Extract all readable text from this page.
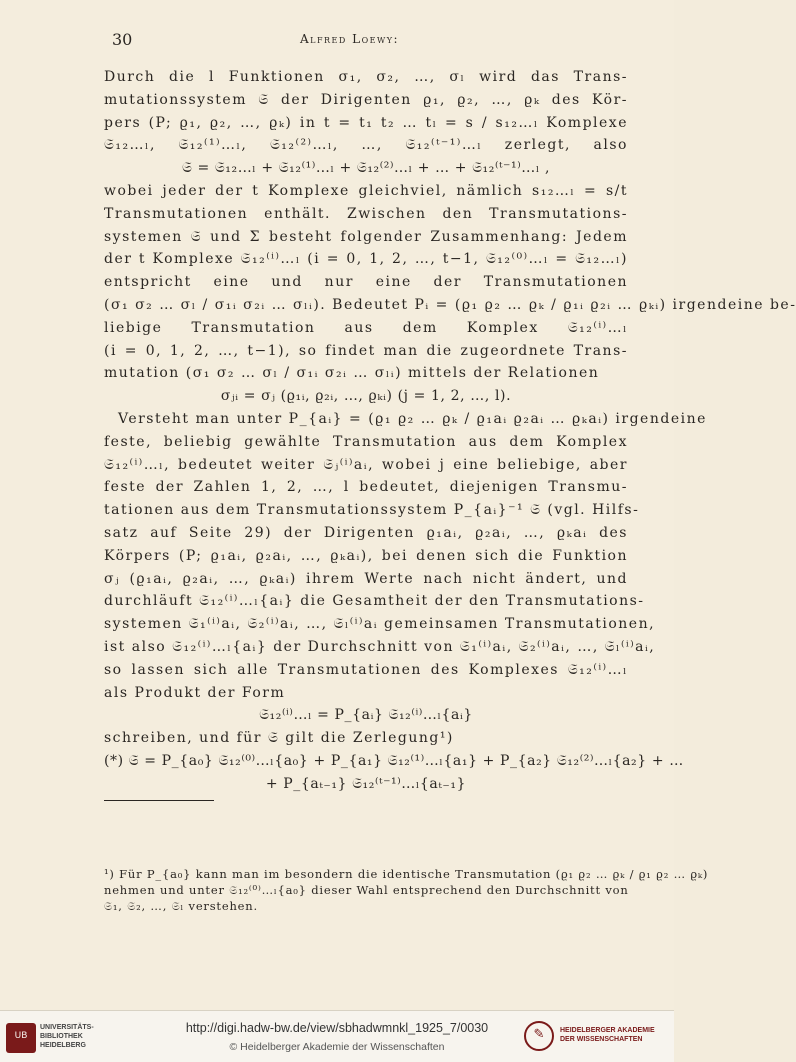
30	Alfred Loewy:
Durch die l Funktionen σ₁, σ₂, …, σₗ wird das Trans-
mutationssystem 𝔖 der Dirigenten ϱ₁, ϱ₂, …, ϱₖ des Kör-
pers (P; ϱ₁, ϱ₂, …, ϱₖ) in t = t₁ t₂ … tₗ = s / s₁₂…ₗ Komplexe
𝔖₁₂…ₗ, 𝔖₁₂⁽¹⁾…ₗ, 𝔖₁₂⁽²⁾…ₗ, …, 𝔖₁₂⁽ᵗ⁻¹⁾…ₗ zerlegt, also
𝔖 = 𝔖₁₂…ₗ + 𝔖₁₂⁽¹⁾…ₗ + 𝔖₁₂⁽²⁾…ₗ + … + 𝔖₁₂⁽ᵗ⁻¹⁾…ₗ ,
wobei jeder der t Komplexe gleichviel, nämlich s₁₂…ₗ = s/t
Transmutationen enthält. Zwischen den Transmutations-
systemen 𝔖 und Σ besteht folgender Zusammenhang: Jedem
der t Komplexe 𝔖₁₂⁽ⁱ⁾…ₗ (i = 0, 1, 2, …, t−1, 𝔖₁₂⁽⁰⁾…ₗ = 𝔖₁₂…ₗ)
entspricht eine und nur eine der Transmutationen
(σ₁ σ₂ … σₗ / σ₁ᵢ σ₂ᵢ … σₗᵢ). Bedeutet Pᵢ = (ϱ₁ ϱ₂ … ϱₖ / ϱ₁ᵢ ϱ₂ᵢ … ϱₖᵢ) irgendeine be-
liebige Transmutation aus dem Komplex 𝔖₁₂⁽ⁱ⁾…ₗ
(i = 0, 1, 2, …, t−1), so findet man die zugeordnete Trans-
mutation (σ₁ σ₂ … σₗ / σ₁ᵢ σ₂ᵢ … σₗᵢ) mittels der Relationen
σⱼᵢ = σⱼ (ϱ₁ᵢ, ϱ₂ᵢ, …, ϱₖᵢ) (j = 1, 2, …, l).
Versteht man unter P_{aᵢ} = (ϱ₁ ϱ₂ … ϱₖ / ϱ₁aᵢ ϱ₂aᵢ … ϱₖaᵢ) irgendeine
feste, beliebig gewählte Transmutation aus dem Komplex
𝔖₁₂⁽ⁱ⁾…ₗ, bedeutet weiter 𝔖ⱼ⁽ⁱ⁾aᵢ, wobei j eine beliebige, aber
feste der Zahlen 1, 2, …, l bedeutet, diejenigen Transmu-
tationen aus dem Transmutationssystem P_{aᵢ}⁻¹ 𝔖 (vgl. Hilfs-
satz auf Seite 29) der Dirigenten ϱ₁aᵢ, ϱ₂aᵢ, …, ϱₖaᵢ des
Körpers (P; ϱ₁aᵢ, ϱ₂aᵢ, …, ϱₖaᵢ), bei denen sich die Funktion
σⱼ (ϱ₁aᵢ, ϱ₂aᵢ, …, ϱₖaᵢ) ihrem Werte nach nicht ändert, und
durchläuft 𝔖₁₂⁽ⁱ⁾…ₗ{aᵢ} die Gesamtheit der den Transmutations-
systemen 𝔖₁⁽ⁱ⁾aᵢ, 𝔖₂⁽ⁱ⁾aᵢ, …, 𝔖ₗ⁽ⁱ⁾aᵢ gemeinsamen Transmutationen,
ist also 𝔖₁₂⁽ⁱ⁾…ₗ{aᵢ} der Durchschnitt von 𝔖₁⁽ⁱ⁾aᵢ, 𝔖₂⁽ⁱ⁾aᵢ, …, 𝔖ₗ⁽ⁱ⁾aᵢ,
so lassen sich alle Transmutationen des Komplexes 𝔖₁₂⁽ⁱ⁾…ₗ
als Produkt der Form
𝔖₁₂⁽ⁱ⁾…ₗ = P_{aᵢ} 𝔖₁₂⁽ⁱ⁾…ₗ{aᵢ}
schreiben, und für 𝔖 gilt die Zerlegung¹)
(*) 𝔖 = P_{a₀} 𝔖₁₂⁽⁰⁾…ₗ{a₀} + P_{a₁} 𝔖₁₂⁽¹⁾…ₗ{a₁} + P_{a₂} 𝔖₁₂⁽²⁾…ₗ{a₂} + …
+ P_{aₜ₋₁} 𝔖₁₂⁽ᵗ⁻¹⁾…ₗ{aₜ₋₁}
¹) Für P_{a₀} kann man im besondern die identische Transmutation (ϱ₁ ϱ₂ … ϱₖ / ϱ₁ ϱ₂ … ϱₖ)
nehmen und unter 𝔖₁₂⁽⁰⁾…ₗ{a₀} dieser Wahl entsprechend den Durchschnitt von
𝔖₁, 𝔖₂, …, 𝔖ₗ verstehen.
UB
UNIVERSITÄTS-
BIBLIOTHEK
HEIDELBERG
http://digi.hadw-bw.de/view/sbhadwmnkl_1925_7/0030
© Heidelberger Akademie der Wissenschaften
✎	HEIDELBERGER AKADEMIE
DER WISSENSCHAFTEN
